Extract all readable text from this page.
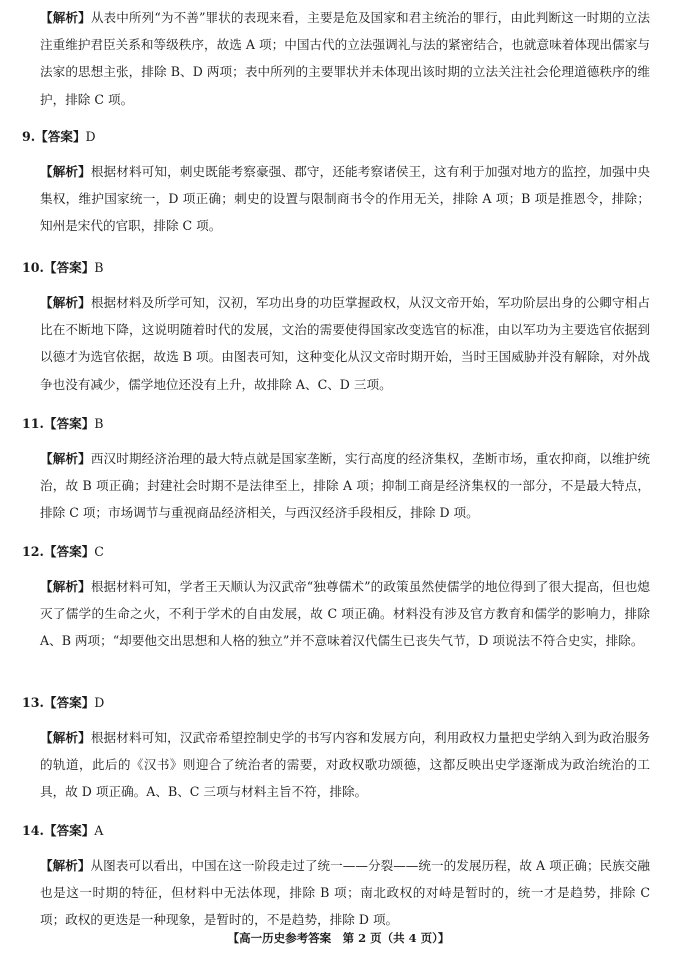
【解析】从表中所列“为不善”罪状的表现来看，主要是危及国家和君主统治的罪行，由此判断这一时期的立法注重维护君臣关系和等级秩序，故选 A 项；中国古代的立法强调礼与法的紧密结合，也就意味着体现出儒家与法家的思想主张，排除 B、D 两项；表中所列的主要罪状并未体现出该时期的立法关注社会伦理道德秩序的维护，排除 C 项。

9.【答案】D

【解析】根据材料可知，刺史既能考察豪强、郡守，还能考察诸侯王，这有利于加强对地方的监控，加强中央集权，维护国家统一，D 项正确；刺史的设置与限制商书令的作用无关，排除 A 项；B 项是推恩令，排除；知州是宋代的官职，排除 C 项。

10.【答案】B

【解析】根据材料及所学可知，汉初，军功出身的功臣掌握政权，从汉文帝开始，军功阶层出身的公卿守相占比在不断地下降，这说明随着时代的发展，文治的需要使得国家改变选官的标准，由以军功为主要选官依据到以德才为选官依据，故选 B 项。由图表可知，这种变化从汉文帝时期开始，当时王国威胁并没有解除，对外战争也没有减少，儒学地位还没有上升，故排除 A、C、D 三项。

11.【答案】B

【解析】西汉时期经济治理的最大特点就是国家垄断，实行高度的经济集权，垄断市场，重农抑商，以维护统治，故 B 项正确；封建社会时期不是法律至上，排除 A 项；抑制工商是经济集权的一部分，不是最大特点，排除 C 项；市场调节与重视商品经济相关，与西汉经济手段相反，排除 D 项。

12.【答案】C

【解析】根据材料可知，学者王天顺认为汉武帝“独尊儒术”的政策虽然使儒学的地位得到了很大提高，但也熄灭了儒学的生命之火，不利于学术的自由发展，故 C 项正确。材料没有涉及官方教育和儒学的影响力，排除 A、B 两项；“却要他交出思想和人格的独立”并不意味着汉代儒生已丧失气节，D 项说法不符合史实，排除。

13.【答案】D

【解析】根据材料可知，汉武帝希望控制史学的书写内容和发展方向，利用政权力量把史学纳入到为政治服务的轨道，此后的《汉书》则迎合了统治者的需要，对政权歌功颂德，这都反映出史学逐渐成为政治统治的工具，故 D 项正确。A、B、C 三项与材料主旨不符，排除。

14.【答案】A

【解析】从图表可以看出，中国在这一阶段走过了统一——分裂——统一的发展历程，故 A 项正确；民族交融也是这一时期的特征，但材料中无法体现，排除 B 项；南北政权的对峙是暂时的，统一才是趋势，排除 C 项；政权的更迭是一种现象，是暂时的，不是趋势，排除 D 项。

【高一历史参考答案　第 2 页（共 4 页）】
